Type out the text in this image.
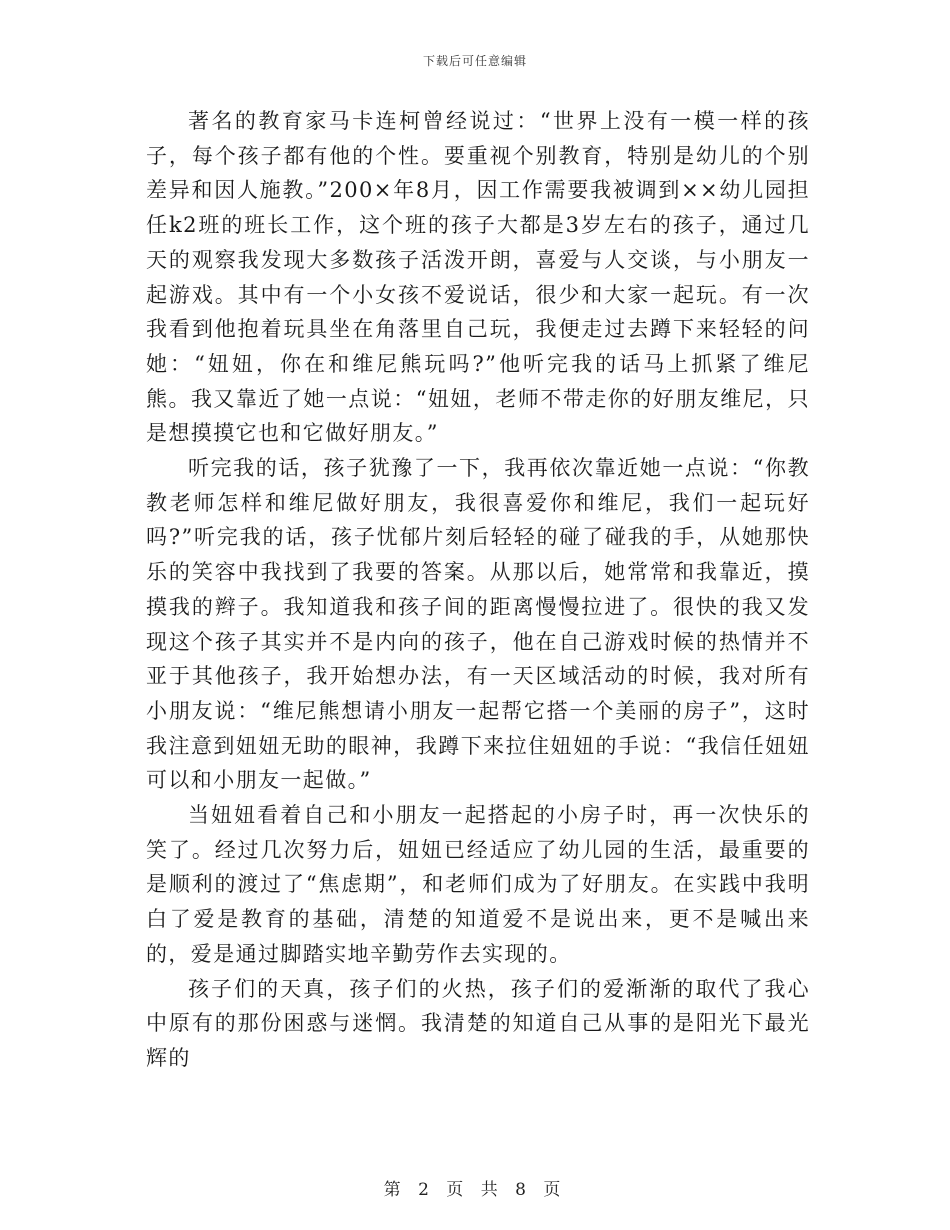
下载后可任意编辑

著名的教育家马卡连柯曾经说过：“世界上没有一模一样的孩子，每个孩子都有他的个性。要重视个别教育，特别是幼儿的个别差异和因人施教。”200×年8月，因工作需要我被调到××幼儿园担任k2班的班长工作，这个班的孩子大都是3岁左右的孩子，通过几天的观察我发现大多数孩子活泼开朗，喜爱与人交谈，与小朋友一起游戏。其中有一个小女孩不爱说话，很少和大家一起玩。有一次我看到他抱着玩具坐在角落里自己玩，我便走过去蹲下来轻轻的问她：“妞妞，你在和维尼熊玩吗?”他听完我的话马上抓紧了维尼熊。我又靠近了她一点说：“妞妞，老师不带走你的好朋友维尼，只是想摸摸它也和它做好朋友。”

听完我的话，孩子犹豫了一下，我再依次靠近她一点说：“你教教老师怎样和维尼做好朋友，我很喜爱你和维尼，我们一起玩好吗?”听完我的话，孩子忧郁片刻后轻轻的碰了碰我的手，从她那快乐的笑容中我找到了我要的答案。从那以后，她常常和我靠近，摸摸我的辫子。我知道我和孩子间的距离慢慢拉进了。很快的我又发现这个孩子其实并不是内向的孩子，他在自己游戏时候的热情并不亚于其他孩子，我开始想办法，有一天区域活动的时候，我对所有小朋友说：“维尼熊想请小朋友一起帮它搭一个美丽的房子”，这时我注意到妞妞无助的眼神，我蹲下来拉住妞妞的手说：“我信任妞妞可以和小朋友一起做。”

当妞妞看着自己和小朋友一起搭起的小房子时，再一次快乐的笑了。经过几次努力后，妞妞已经适应了幼儿园的生活，最重要的是顺利的渡过了“焦虑期”，和老师们成为了好朋友。在实践中我明白了爱是教育的基础，清楚的知道爱不是说出来，更不是喊出来的，爱是通过脚踏实地辛勤劳作去实现的。

孩子们的天真，孩子们的火热，孩子们的爱渐渐的取代了我心中原有的那份困惑与迷惘。我清楚的知道自己从事的是阳光下最光辉的

第 2 页 共 8 页
